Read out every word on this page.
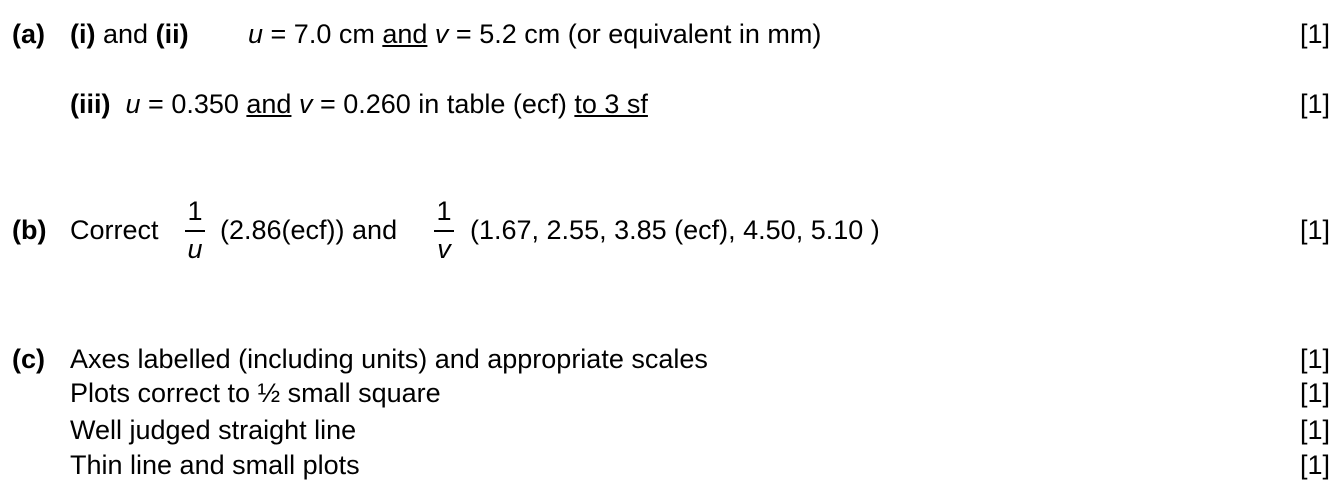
(a) (i) and (ii) u = 7.0 cm and v = 5.2 cm (or equivalent in mm)	[1]
(iii) u = 0.350 and v = 0.260 in table (ecf) to 3 sf	[1]
(b) Correct
1
u
(2.86(ecf)) and
1
v
(1.67, 2.55, 3.85 (ecf), 4.50, 5.10 )	[1]
(c) Axes labelled (including units) and appropriate scales	[1]
Plots correct to ½ small square	[1]
Well judged straight line	[1]
Thin line and small plots	[1]
